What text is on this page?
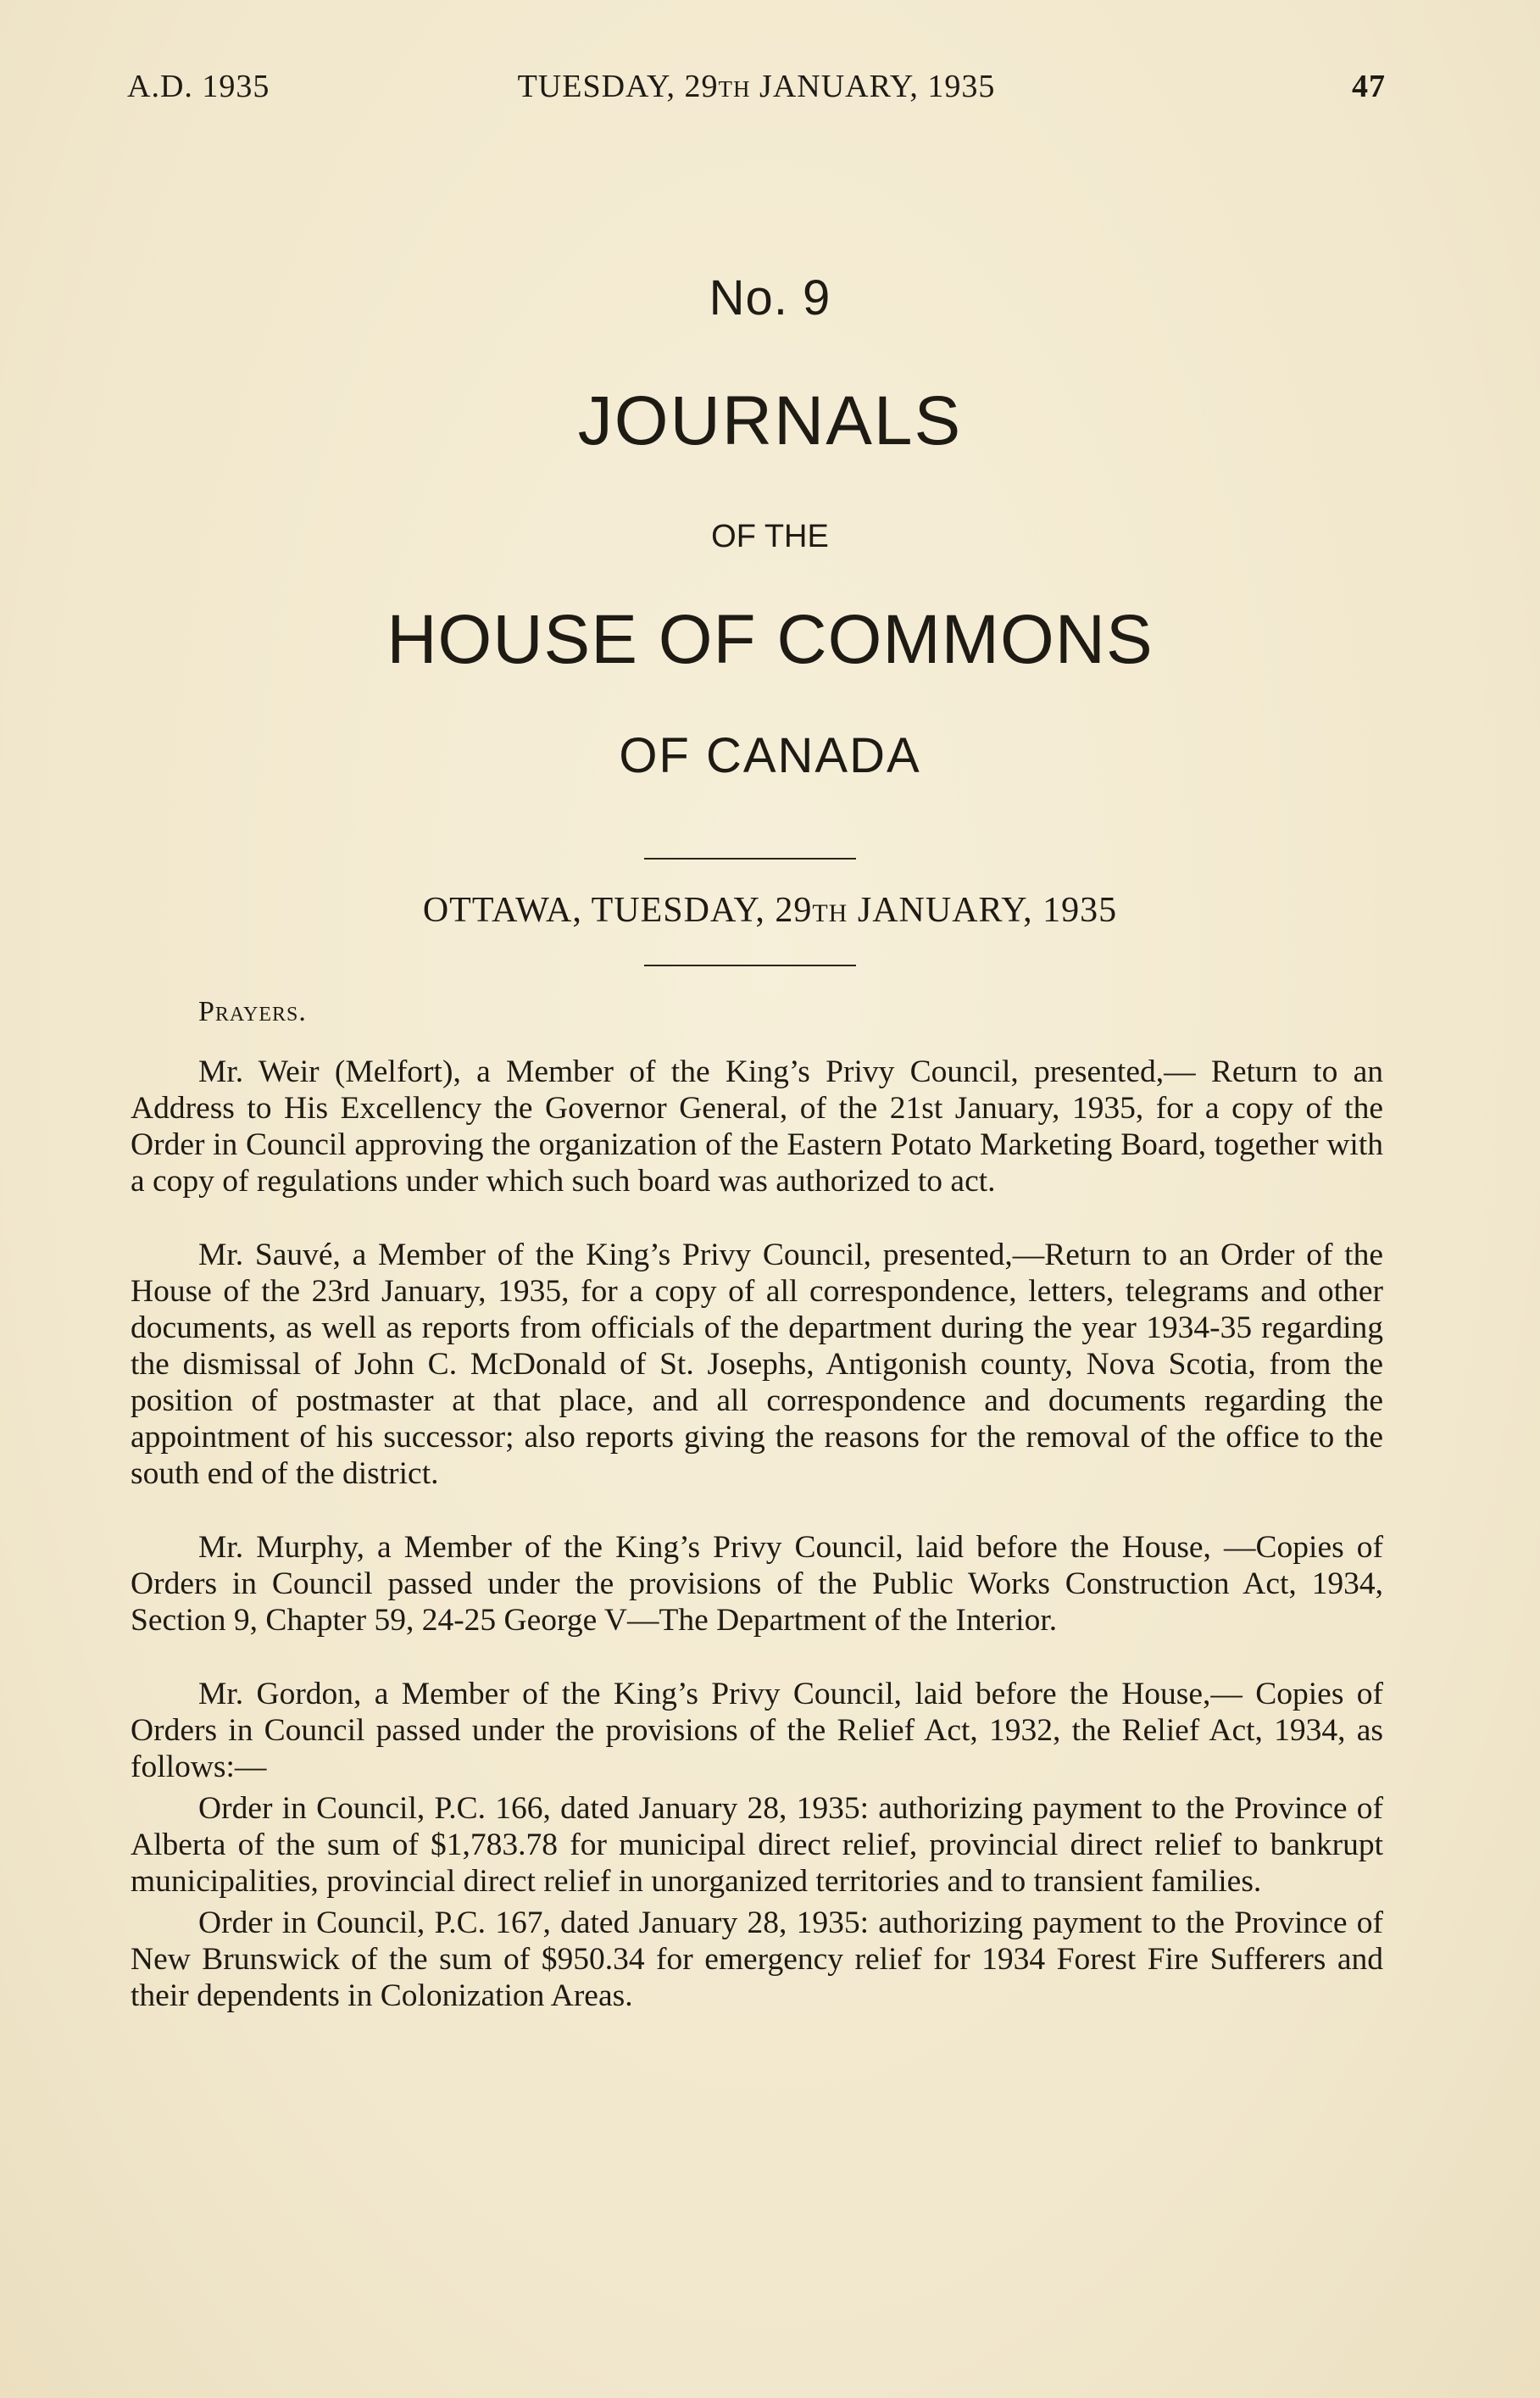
A.D. 1935	TUESDAY, 29th JANUARY, 1935	47
No. 9
JOURNALS
OF THE
HOUSE OF COMMONS
OF CANADA
OTTAWA, TUESDAY, 29TH JANUARY, 1935
Prayers.

Mr. Weir (Melfort), a Member of the King’s Privy Council, presented,— Return to an Address to His Excellency the Governor General, of the 21st January, 1935, for a copy of the Order in Council approving the organization of the Eastern Potato Marketing Board, together with a copy of regulations under which such board was authorized to act.

Mr. Sauvé, a Member of the King’s Privy Council, presented,—Return to an Order of the House of the 23rd January, 1935, for a copy of all correspondence, letters, telegrams and other documents, as well as reports from officials of the department during the year 1934-35 regarding the dismissal of John C. McDonald of St. Josephs, Antigonish county, Nova Scotia, from the position of postmaster at that place, and all correspondence and documents regarding the appointment of his successor; also reports giving the reasons for the removal of the office to the south end of the district.

Mr. Murphy, a Member of the King’s Privy Council, laid before the House, —Copies of Orders in Council passed under the provisions of the Public Works Construction Act, 1934, Section 9, Chapter 59, 24-25 George V—The Department of the Interior.

Mr. Gordon, a Member of the King’s Privy Council, laid before the House,— Copies of Orders in Council passed under the provisions of the Relief Act, 1932, the Relief Act, 1934, as follows:—

Order in Council, P.C. 166, dated January 28, 1935: authorizing payment to the Province of Alberta of the sum of $1,783.78 for municipal direct relief, provincial direct relief to bankrupt municipalities, provincial direct relief in unorganized territories and to transient families.

Order in Council, P.C. 167, dated January 28, 1935: authorizing payment to the Province of New Brunswick of the sum of $950.34 for emergency relief for 1934 Forest Fire Sufferers and their dependents in Colonization Areas.
